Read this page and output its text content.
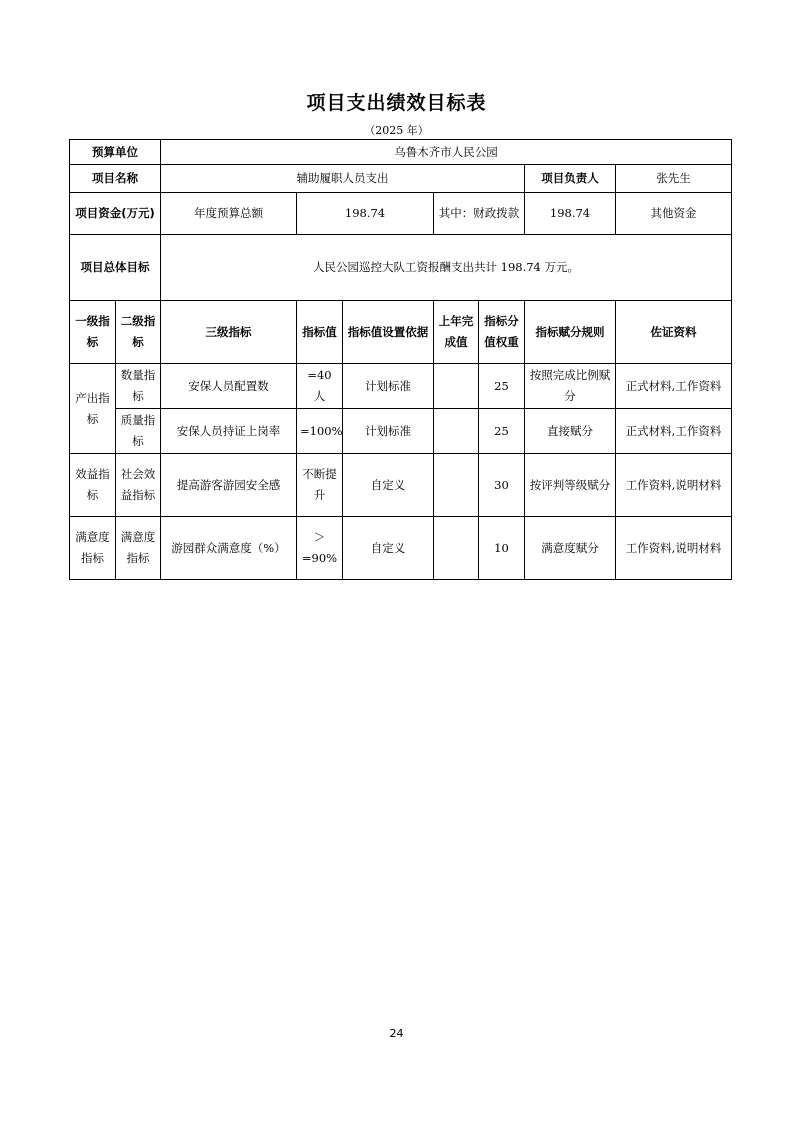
项目支出绩效目标表
（2025 年）
预算单位		乌鲁木齐市人民公园						
项目名称		辅助履职人员支出					项目负责人	张先生
项目资金(万元)		年度预算总额	198.74		其中：财政拨款		198.74	其他资金
项目总体目标		人民公园巡控大队工资报酬支出共计 198.74 万元。						
一级指标	二级指标	三级指标	指标值	指标值设置依据	上年完成值	指标分值权重	指标赋分规则	佐证资料
产出指标	数量指标	安保人员配置数	=40 人	计划标准		25	按照完成比例赋分	正式材料,工作资料
	质量指标	安保人员持证上岗率	=100%	计划标准		25	直接赋分	正式材料,工作资料
效益指标	社会效益指标	提高游客游园安全感	不断提升	自定义		30	按评判等级赋分	工作资料,说明材料
满意度指标	满意度指标	游园群众满意度（%）	＞=90%	自定义		10	满意度赋分	工作资料,说明材料
24
